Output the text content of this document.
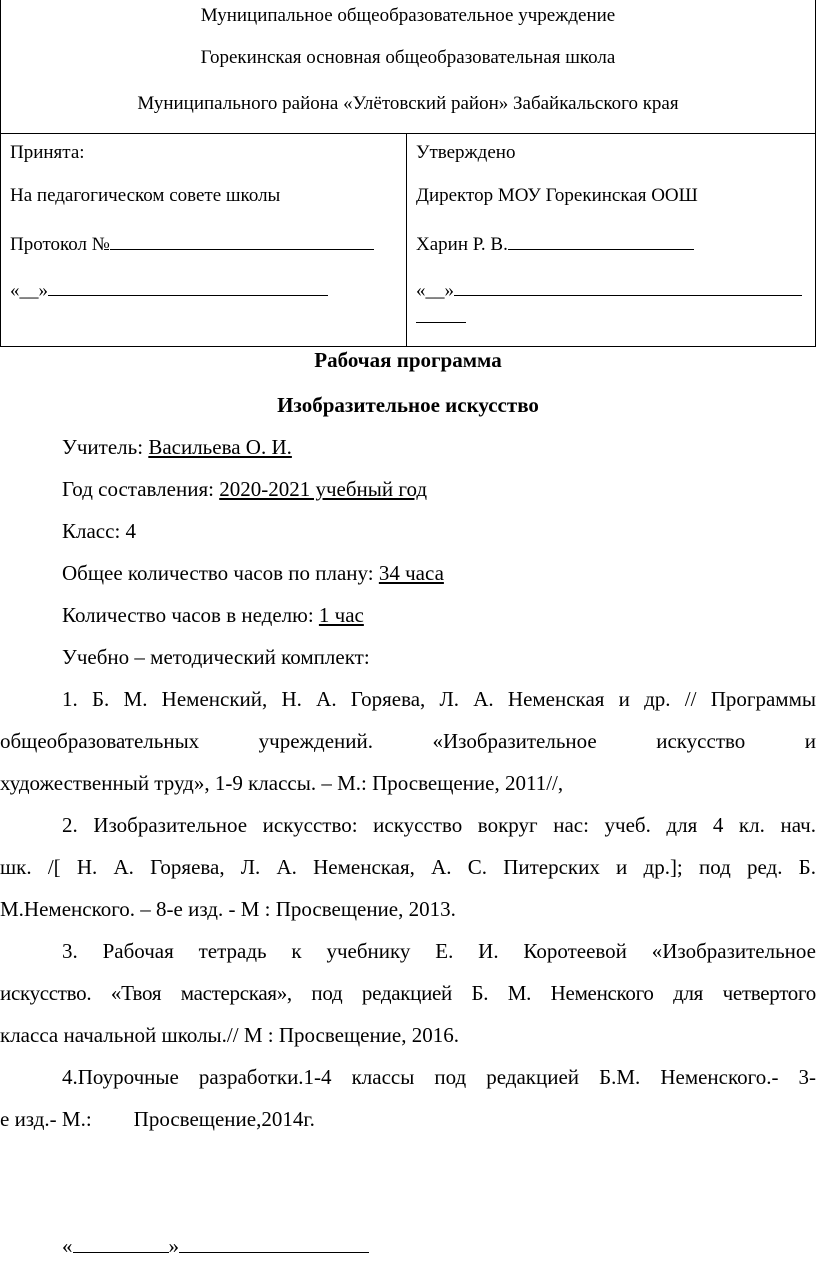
Муниципальное общеобразовательное учреждение
Горекинская основная общеобразовательная школа
Муниципального района «Улётовский район» Забайкальского края
Принята:
На педагогическом совете школы
Протокол №
«__»
Утверждено
Директор МОУ Горекинская ООШ
Харин Р. В.
«__»
Рабочая программа
Изобразительное искусство
Учитель: Васильева О. И.
Год составления: 2020-2021 учебный год
Класс: 4
Общее количество часов по плану: 34 часа
Количество часов в неделю: 1 час
Учебно – методический комплект:
1. Б. М. Неменский, Н. А. Горяева, Л. А. Неменская и др. // Программы
общеобразовательных учреждений. «Изобразительное искусство и
художественный труд», 1-9 классы. – М.: Просвещение, 2011//,
2. Изобразительное искусство: искусство вокруг нас: учеб. для 4 кл. нач.
шк. /[ Н. А. Горяева, Л. А. Неменская, А. С. Питерских и др.]; под ред. Б.
М.Неменского. – 8-е изд. - М : Просвещение, 2013.
3. Рабочая тетрадь к учебнику Е. И. Коротеевой «Изобразительное
искусство. «Твоя мастерская», под редакцией Б. М. Неменского для четвертого
класса начальной школы.// М : Просвещение, 2016.
4.Поурочные разработки.1-4 классы под редакцией Б.М. Неменского.- 3-
е изд.- М.:        Просвещение,2014г.
«	»
